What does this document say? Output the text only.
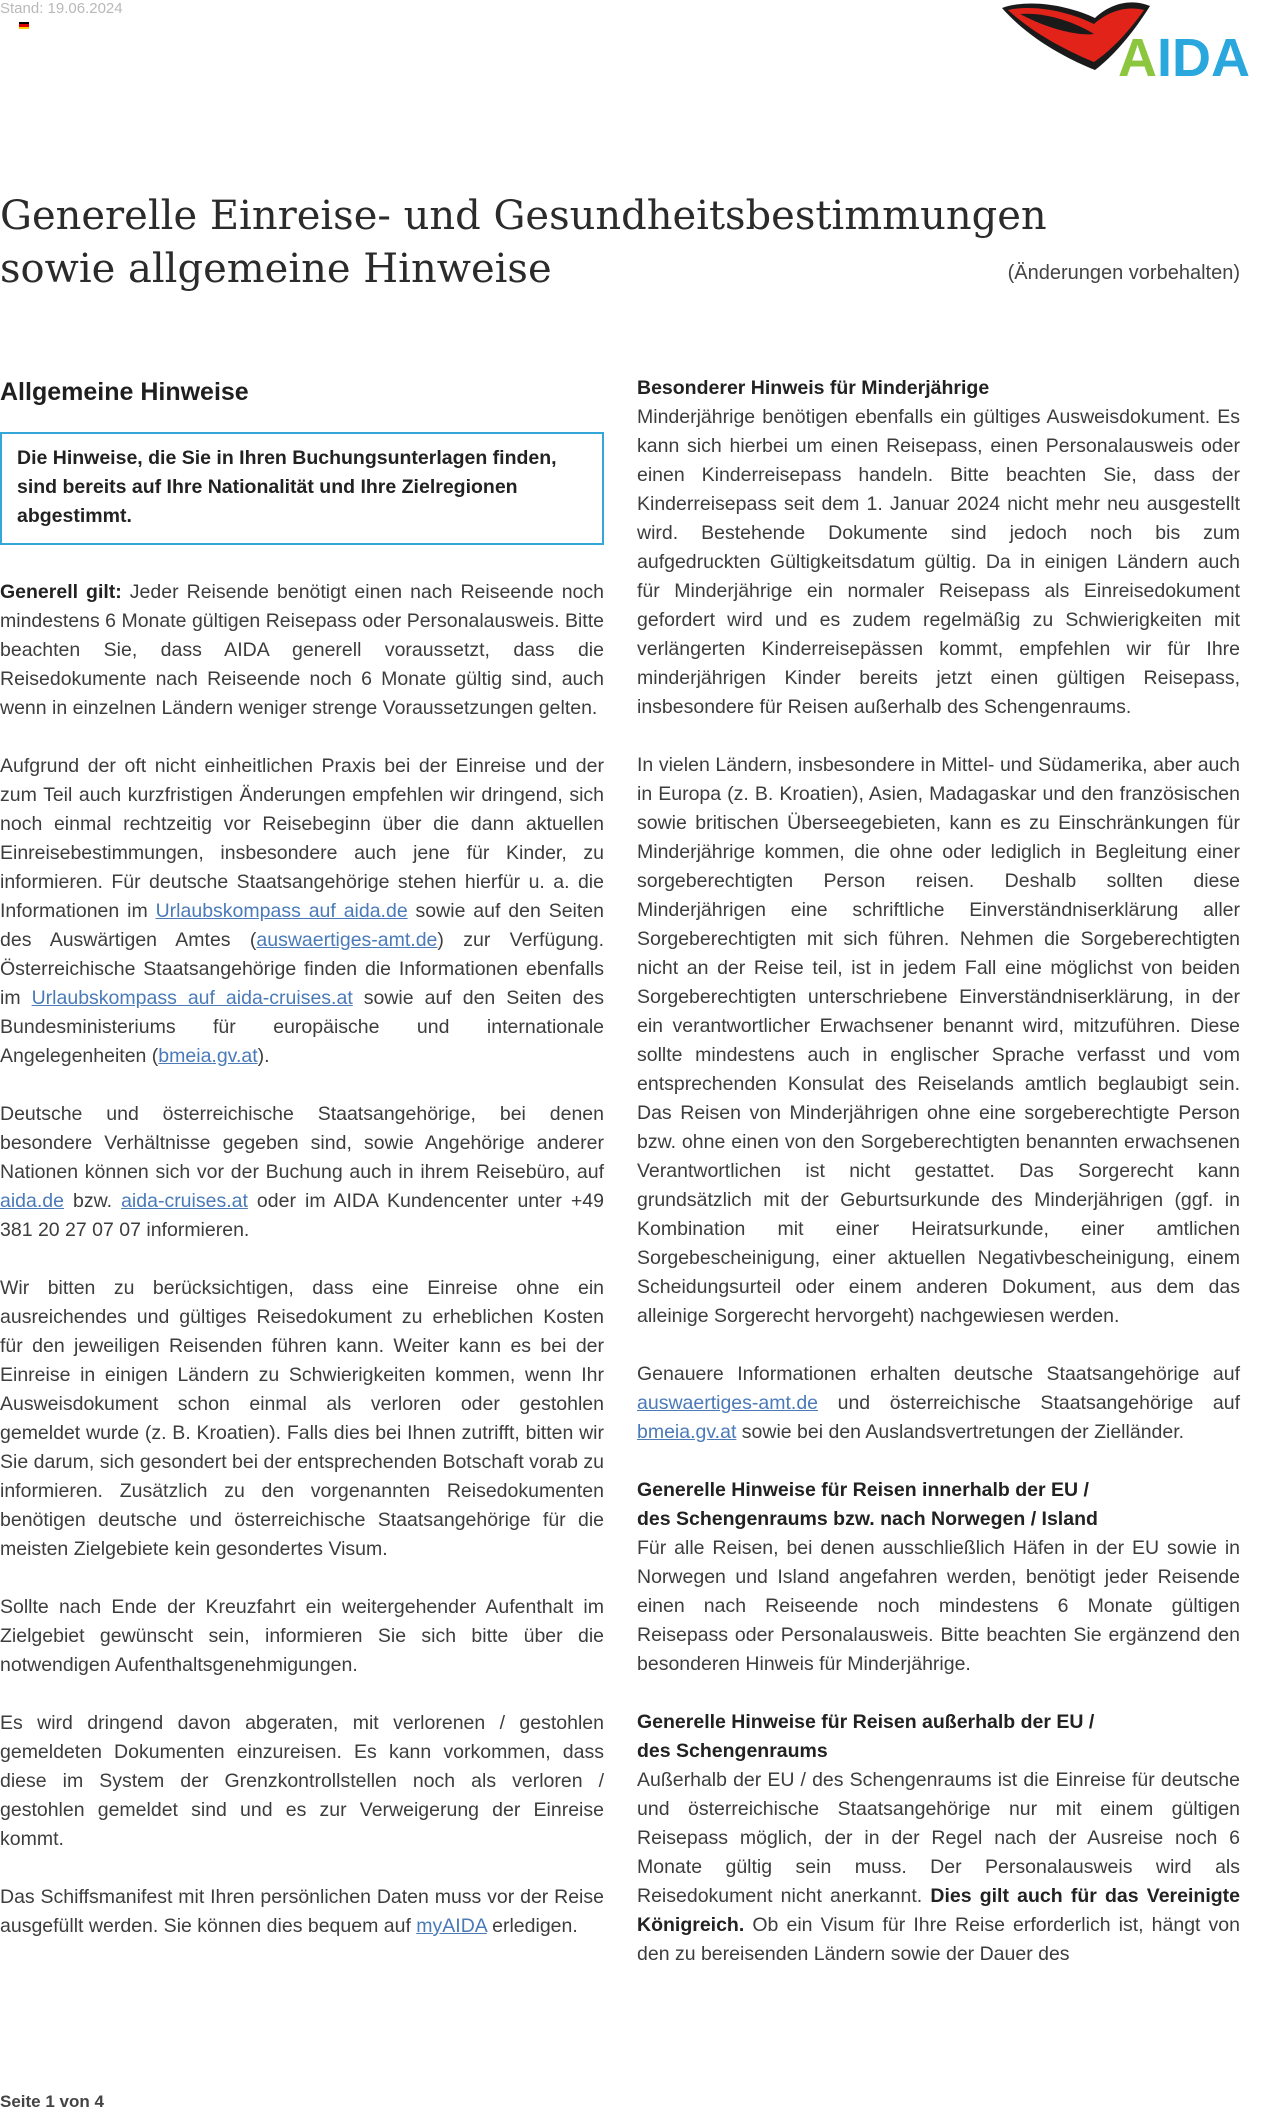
Stand: 19.06.2024
AIDA
Generelle Einreise- und Gesundheitsbestimmungen
sowie allgemeine Hinweise	(Änderungen vorbehalten)
Allgemeine Hinweise
Die Hinweise, die Sie in Ihren Buchungsunterlagen finden, sind bereits auf Ihre Nationalität und Ihre Zielregionen abgestimmt.
Generell gilt: Jeder Reisende benötigt einen nach Reiseende noch mindestens 6 Monate gültigen Reisepass oder Personalausweis. Bitte beachten Sie, dass AIDA generell voraussetzt, dass die Reisedokumente nach Reiseende noch 6 Monate gültig sind, auch wenn in einzelnen Ländern weniger strenge Voraussetzungen gelten.
Aufgrund der oft nicht einheitlichen Praxis bei der Einreise und der zum Teil auch kurzfristigen Änderungen empfehlen wir dringend, sich noch einmal rechtzeitig vor Reisebeginn über die dann aktuellen Einreisebestimmungen, insbesondere auch jene für Kinder, zu informieren. Für deutsche Staatsangehörige stehen hierfür u. a. die Informationen im Urlaubskompass auf aida.de sowie auf den Seiten des Auswärtigen Amtes (auswaertiges-amt.de) zur Verfügung. Österreichische Staatsangehörige finden die Informationen ebenfalls im Urlaubskompass auf aida-cruises.at sowie auf den Seiten des Bundesministeriums für europäische und internationale Angelegenheiten (bmeia.gv.at).
Deutsche und österreichische Staatsangehörige, bei denen besondere Verhältnisse gegeben sind, sowie Angehörige anderer Nationen können sich vor der Buchung auch in ihrem Reisebüro, auf aida.de bzw. aida-cruises.at oder im AIDA Kundencenter unter +49 381 20 27 07 07 informieren.
Wir bitten zu berücksichtigen, dass eine Einreise ohne ein ausreichendes und gültiges Reisedokument zu erheblichen Kosten für den jeweiligen Reisenden führen kann. Weiter kann es bei der Einreise in einigen Ländern zu Schwierigkeiten kommen, wenn Ihr Ausweisdokument schon einmal als verloren oder gestohlen gemeldet wurde (z. B. Kroatien). Falls dies bei Ihnen zutrifft, bitten wir Sie darum, sich gesondert bei der entsprechenden Botschaft vorab zu informieren. Zusätzlich zu den vorgenannten Reisedokumenten benötigen deutsche und österreichische Staatsangehörige für die meisten Zielgebiete kein gesondertes Visum.
Sollte nach Ende der Kreuzfahrt ein weitergehender Aufenthalt im Zielgebiet gewünscht sein, informieren Sie sich bitte über die notwendigen Aufenthaltsgenehmigungen.
Es wird dringend davon abgeraten, mit verlorenen / gestohlen gemeldeten Dokumenten einzureisen. Es kann vorkommen, dass diese im System der Grenzkontrollstellen noch als verloren / gestohlen gemeldet sind und es zur Verweigerung der Einreise kommt.
Das Schiffsmanifest mit Ihren persönlichen Daten muss vor der Reise ausgefüllt werden. Sie können dies bequem auf myAIDA erledigen.
Besonderer Hinweis für Minderjährige
Minderjährige benötigen ebenfalls ein gültiges Ausweisdokument. Es kann sich hierbei um einen Reisepass, einen Personalausweis oder einen Kinderreisepass handeln. Bitte beachten Sie, dass der Kinderreisepass seit dem 1. Januar 2024 nicht mehr neu ausgestellt wird. Bestehende Dokumente sind jedoch noch bis zum aufgedruckten Gültigkeitsdatum gültig. Da in einigen Ländern auch für Minderjährige ein normaler Reisepass als Einreisedokument gefordert wird und es zudem regelmäßig zu Schwierigkeiten mit verlängerten Kinderreisepässen kommt, empfehlen wir für Ihre minderjährigen Kinder bereits jetzt einen gültigen Reisepass, insbesondere für Reisen außerhalb des Schengenraums.
In vielen Ländern, insbesondere in Mittel- und Südamerika, aber auch in Europa (z. B. Kroatien), Asien, Madagaskar und den französischen sowie britischen Überseegebieten, kann es zu Einschränkungen für Minderjährige kommen, die ohne oder lediglich in Begleitung einer sorgeberechtigten Person reisen. Deshalb sollten diese Minderjährigen eine schriftliche Einverständniserklärung aller Sorgeberechtigten mit sich führen. Nehmen die Sorgeberechtigten nicht an der Reise teil, ist in jedem Fall eine möglichst von beiden Sorgeberechtigten unterschriebene Einverständniserklärung, in der ein verantwortlicher Erwachsener benannt wird, mitzuführen. Diese sollte mindestens auch in englischer Sprache verfasst und vom entsprechenden Konsulat des Reiselands amtlich beglaubigt sein. Das Reisen von Minderjährigen ohne eine sorgeberechtigte Person bzw. ohne einen von den Sorgeberechtigten benannten erwachsenen Verantwortlichen ist nicht gestattet. Das Sorgerecht kann grundsätzlich mit der Geburtsurkunde des Minderjährigen (ggf. in Kombination mit einer Heiratsurkunde, einer amtlichen Sorgebescheinigung, einer aktuellen Negativbescheinigung, einem Scheidungsurteil oder einem anderen Dokument, aus dem das alleinige Sorgerecht hervorgeht) nachgewiesen werden.
Genauere Informationen erhalten deutsche Staatsangehörige auf auswaertiges-amt.de und österreichische Staatsangehörige auf bmeia.gv.at sowie bei den Auslandsvertretungen der Zielländer.
Generelle Hinweise für Reisen innerhalb der EU /
des Schengenraums bzw. nach Norwegen / Island
Für alle Reisen, bei denen ausschließlich Häfen in der EU sowie in Norwegen und Island angefahren werden, benötigt jeder Reisende einen nach Reiseende noch mindestens 6 Monate gültigen Reisepass oder Personalausweis. Bitte beachten Sie ergänzend den besonderen Hinweis für Minderjährige.
Generelle Hinweise für Reisen außerhalb der EU /
des Schengenraums
Außerhalb der EU / des Schengenraums ist die Einreise für deutsche und österreichische Staatsangehörige nur mit einem gültigen Reisepass möglich, der in der Regel nach der Ausreise noch 6 Monate gültig sein muss. Der Personalausweis wird als Reisedokument nicht anerkannt. Dies gilt auch für das Vereinigte Königreich. Ob ein Visum für Ihre Reise erforderlich ist, hängt von den zu bereisenden Ländern sowie der Dauer des
Seite 1 von 4
